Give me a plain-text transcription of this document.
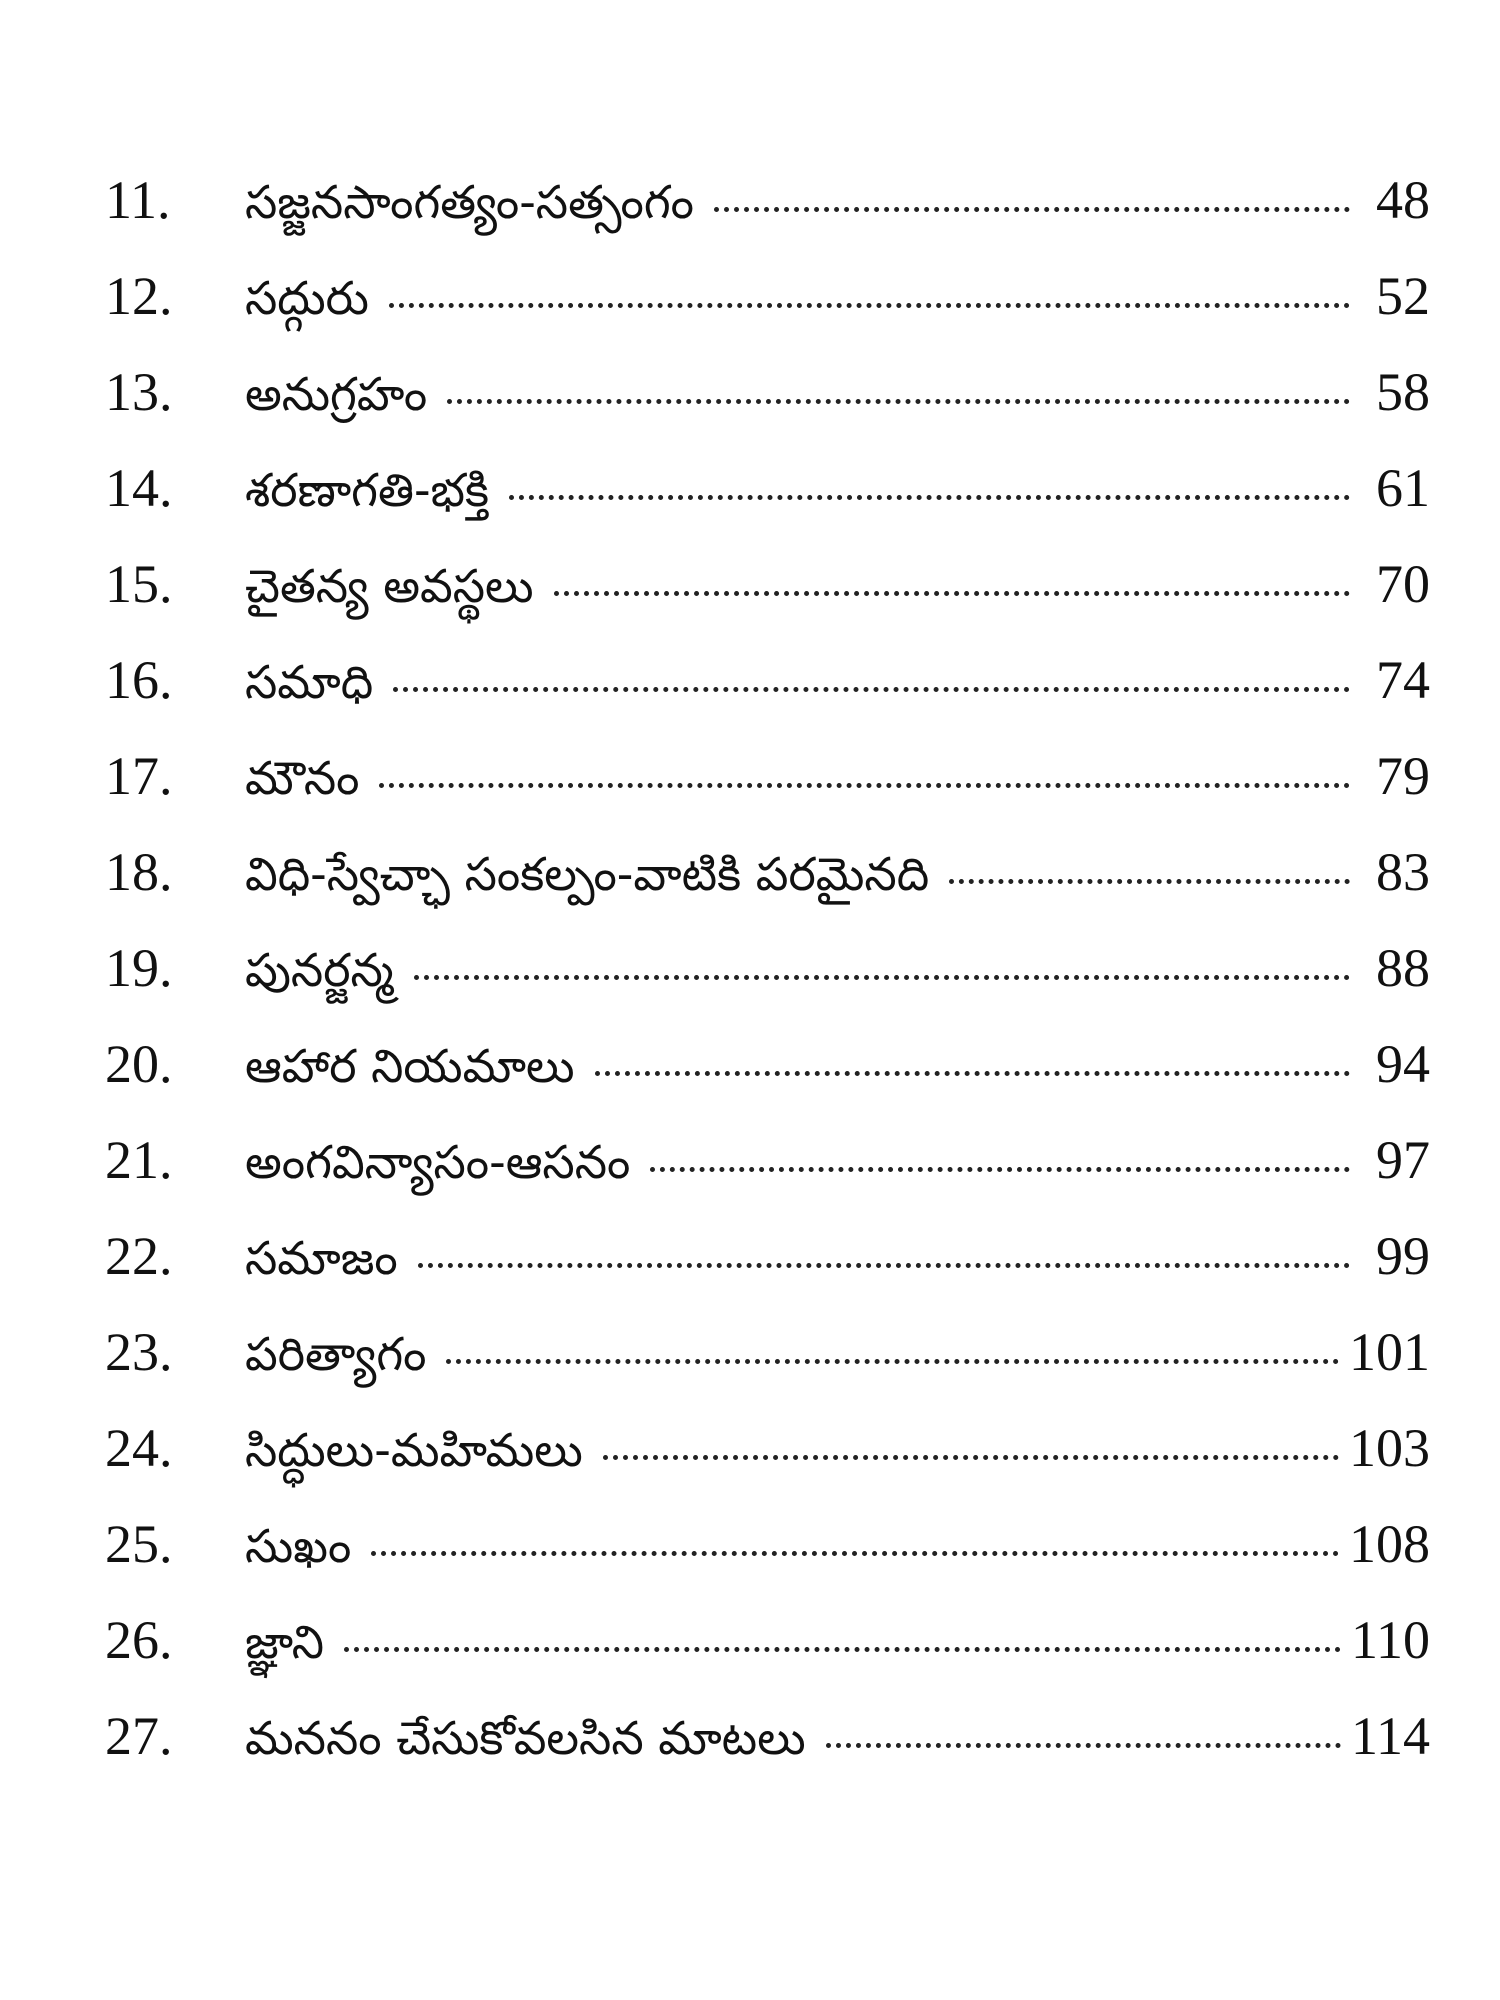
11.	సజ్జనసాంగత్యం-సత్సంగం	48
12.	సద్గురు	52
13.	అనుగ్రహం	58
14.	శరణాగతి-భక్తి	61
15.	చైతన్య అవస్థలు	70
16.	సమాధి	74
17.	మౌనం	79
18.	విధి-స్వేచ్ఛా సంకల్పం-వాటికి పరమైనది	83
19.	పునర్జన్మ	88
20.	ఆహార నియమాలు	94
21.	అంగవిన్యాసం-ఆసనం	97
22.	సమాజం	99
23.	పరిత్యాగం	101
24.	సిద్ధులు-మహిమలు	103
25.	సుఖం	108
26.	జ్ఞాని	110
27.	మననం చేసుకోవలసిన మాటలు	114
